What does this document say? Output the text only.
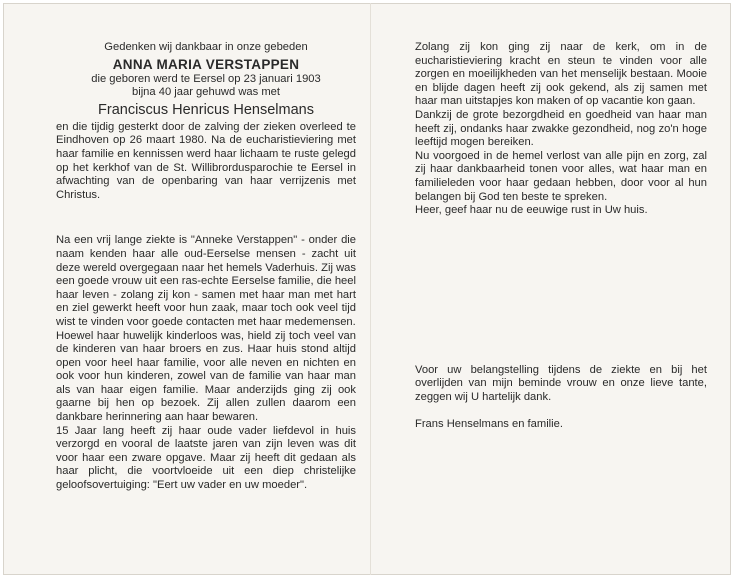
Gedenken wij dankbaar in onze gebeden

ANNA MARIA VERSTAPPEN

die geboren werd te Eersel op 23 januari 1903

bijna 40 jaar gehuwd was met

Franciscus Henricus Henselmans

en die tijdig gesterkt door de zalving der zieken overleed te Eindhoven op 26 maart 1980. Na de eucharistieviering met haar familie en kennissen werd haar lichaam te ruste gelegd op het kerkhof van de St. Willibrordusparochie te Eersel in afwachting van de openbaring van haar verrijzenis met Christus.

Na een vrij lange ziekte is "Anneke Verstappen" - onder die naam kenden haar alle oud-Eerselse mensen - zacht uit deze wereld overgegaan naar het hemels Vaderhuis. Zij was een goede vrouw uit een ras-echte Eerselse familie, die heel haar leven - zolang zij kon - samen met haar man met hart en ziel gewerkt heeft voor hun zaak, maar toch ook veel tijd wist te vinden voor goede contacten met haar medemensen.

Hoewel haar huwelijk kinderloos was, hield zij toch veel van de kinderen van haar broers en zus. Haar huis stond altijd open voor heel haar familie, voor alle neven en nichten en ook voor hun kinderen, zowel van de familie van haar man als van haar eigen familie. Maar anderzijds ging zij ook gaarne bij hen op bezoek. Zij allen zullen daarom een dankbare herinnering aan haar bewaren.

15 Jaar lang heeft zij haar oude vader liefdevol in huis verzorgd en vooral de laatste jaren van zijn leven was dit voor haar een zware opgave. Maar zij heeft dit gedaan als haar plicht, die voortvloeide uit een diep christelijke geloofsovertuiging: "Eert uw vader en uw moeder".

Zolang zij kon ging zij naar de kerk, om in de eucharistieviering kracht en steun te vinden voor alle zorgen en moeilijkheden van het menselijk bestaan. Mooie en blijde dagen heeft zij ook gekend, als zij samen met haar man uitstapjes kon maken of op vacantie kon gaan.

Dankzij de grote bezorgdheid en goedheid van haar man heeft zij, ondanks haar zwakke gezondheid, nog zo'n hoge leeftijd mogen bereiken.

Nu voorgoed in de hemel verlost van alle pijn en zorg, zal zij haar dankbaarheid tonen voor alles, wat haar man en familieleden voor haar gedaan hebben, door voor al hun belangen bij God ten beste te spreken.

Heer, geef haar nu de eeuwige rust in Uw huis.

Voor uw belangstelling tijdens de ziekte en bij het overlijden van mijn beminde vrouw en onze lieve tante, zeggen wij U hartelijk dank.

Frans Henselmans en familie.
